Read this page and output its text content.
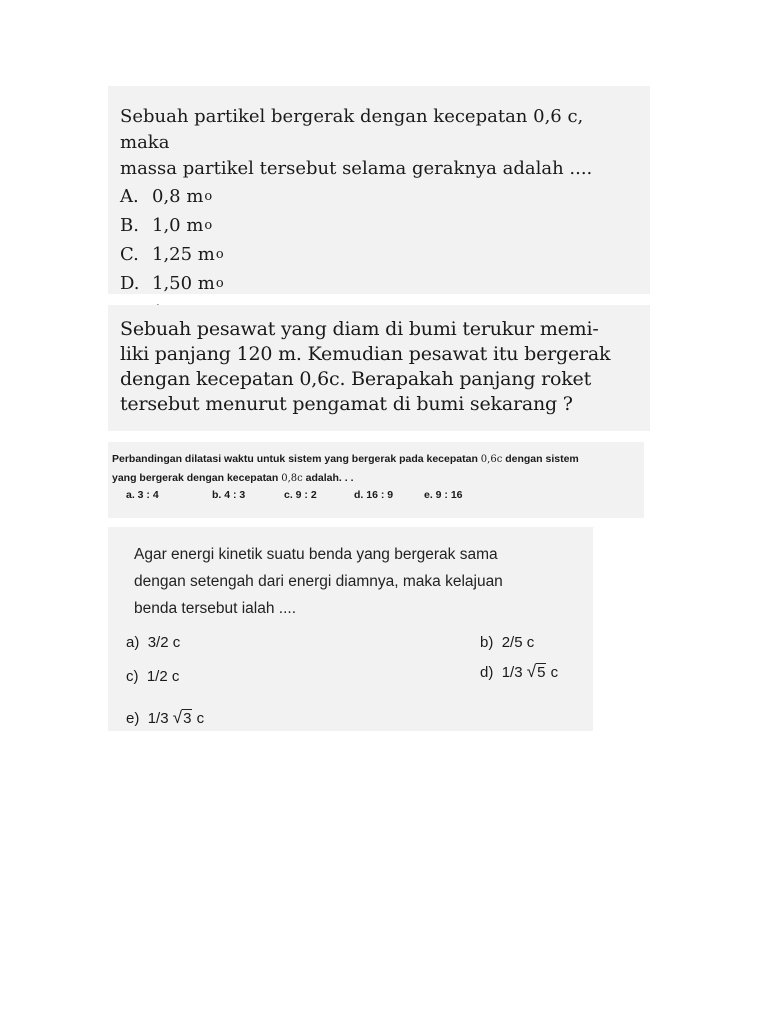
Sebuah partikel bergerak dengan kecepatan 0,6 c, maka
massa partikel tersebut selama geraknya adalah ....
A. 0,8 m o
B. 1,0 m o
C. 1,25 m o
D. 1,50 m o
Sebuah pesawat yang diam di bumi terukur memi-
liki panjang 120 m. Kemudian pesawat itu bergerak
dengan kecepatan 0,6c. Berapakah panjang roket
tersebut menurut pengamat di bumi sekarang ?
Perbandingan dilatasi waktu untuk sistem yang bergerak pada kecepatan 0,6c dengan sistem
yang bergerak dengan kecepatan 0,8c adalah. . .
a. 3 : 4	b. 4 : 3	c. 9 : 2	d. 16 : 9	e. 9 : 16
Agar energi kinetik suatu benda yang bergerak sama
dengan setengah dari energi diamnya, maka kelajuan
benda tersebut ialah ....
a) 3/2 c	b) 2/5 c
c) 1/2 c	d) 1/3 √5 c
e) 1/3 √3 c
